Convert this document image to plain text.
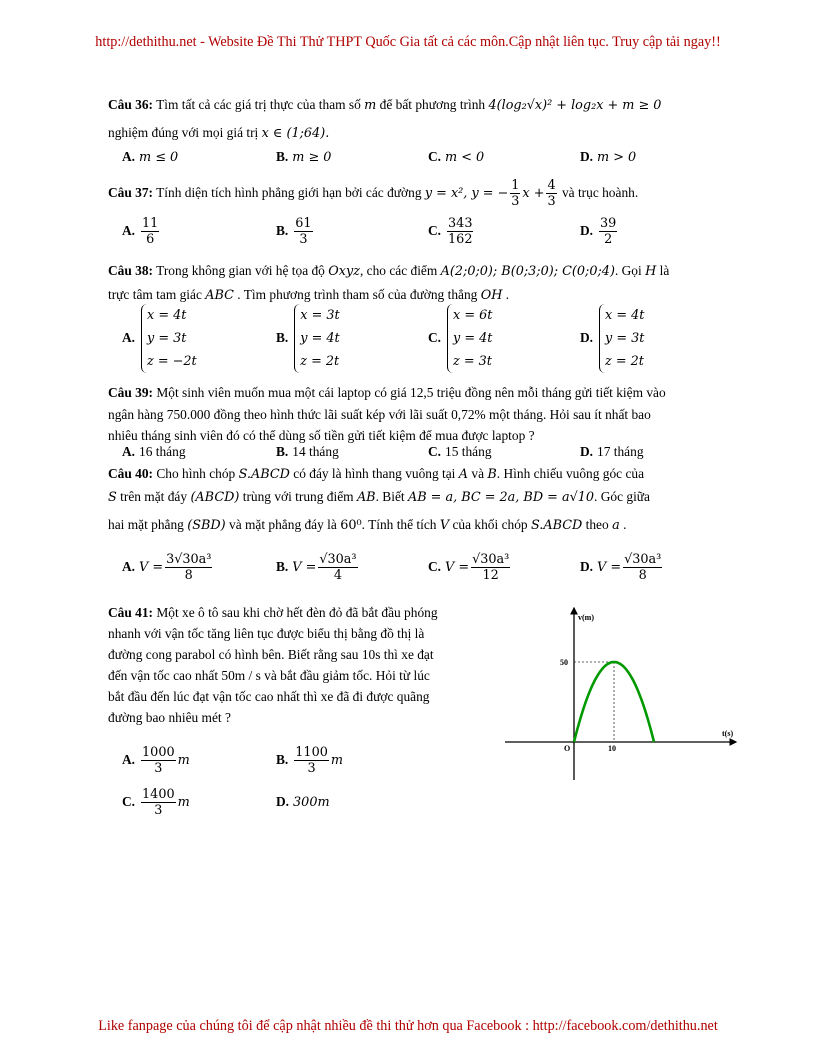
http://dethithu.net - Website Đề Thi Thử THPT Quốc Gia tất cả các môn.Cập nhật liên tục. Truy cập tải ngay!!
Câu 36: Tìm tất cả các giá trị thực của tham số m để bất phương trình 4(log₂√x)² + log₂x + m ≥ 0
nghiệm đúng với mọi giá trị x ∈ (1;64).
A. m ≤ 0	B. m ≥ 0	C. m < 0	D. m > 0
Câu 37: Tính diện tích hình phẳng giới hạn bởi các đường y = x², y = − $\frac{1}{3}$ $x + \frac{4}{3}$ và trục hoành.
A. $\frac{11}{6}$	B. $\frac{61}{3}$	C. $\frac{343}{162}$	D. $\frac{39}{2}$
Câu 38: Trong không gian với hệ tọa độ Oxyz, cho các điểm A(2;0;0); B(0;3;0); C(0;0;4). Gọi H là
trực tâm tam giác ABC . Tìm phương trình tham số của đường thẳng OH .
A.
x = 4t
y = 3t
z = −2t
B.
x = 3t
y = 4t
z = 2t
C.
x = 6t
y = 4t
z = 3t
D.
x = 4t
y = 3t
z = 2t
Câu 39: Một sinh viên muốn mua một cái laptop có giá 12,5 triệu đồng nên mỗi tháng gửi tiết kiệm vào
ngân hàng 750.000 đồng theo hình thức lãi suất kép với lãi suất 0,72% một tháng. Hỏi sau ít nhất bao
nhiêu tháng sinh viên đó có thể dùng số tiền gửi tiết kiệm để mua được laptop ?
A. 16 tháng	B. 14 tháng	C. 15 tháng	D. 17 tháng
Câu 40: Cho hình chóp S.ABCD có đáy là hình thang vuông tại A và B. Hình chiếu vuông góc của
S trên mặt đáy (ABCD) trùng với trung điểm AB. Biết AB = a, BC = 2a, BD = a√10. Góc giữa
hai mặt phẳng (SBD) và mặt phẳng đáy là 60⁰. Tính thể tích V của khối chóp S.ABCD theo a .
A. $V = \frac{\text{3√30a³}}{8}$	B. $V = \frac{\text{√30a³}}{4}$	C. $V = \frac{\text{√30a³}}{12}$	D. $V = \frac{\text{√30a³}}{8}$
Câu 41: Một xe ô tô sau khi chờ hết đèn đỏ đã bắt đầu phóng
nhanh với vận tốc tăng liên tục được biểu thị bằng đồ thị là
đường cong parabol có hình bên. Biết rằng sau 10s thì xe đạt
đến vận tốc cao nhất 50m / s và bắt đầu giảm tốc. Hỏi từ lúc
bắt đầu đến lúc đạt vận tốc cao nhất thì xe đã đi được quãng
đường bao nhiêu mét ?
A. $\frac{1000}{3}$ m	B. $\frac{1100}{3}$ m
C. $\frac{1400}{3}$ m	D. 300m
v(m)
t(s)
O
50
10
Like fanpage của chúng tôi để cập nhật nhiều đề thi thử hơn qua Facebook : http://facebook.com/dethithu.net
